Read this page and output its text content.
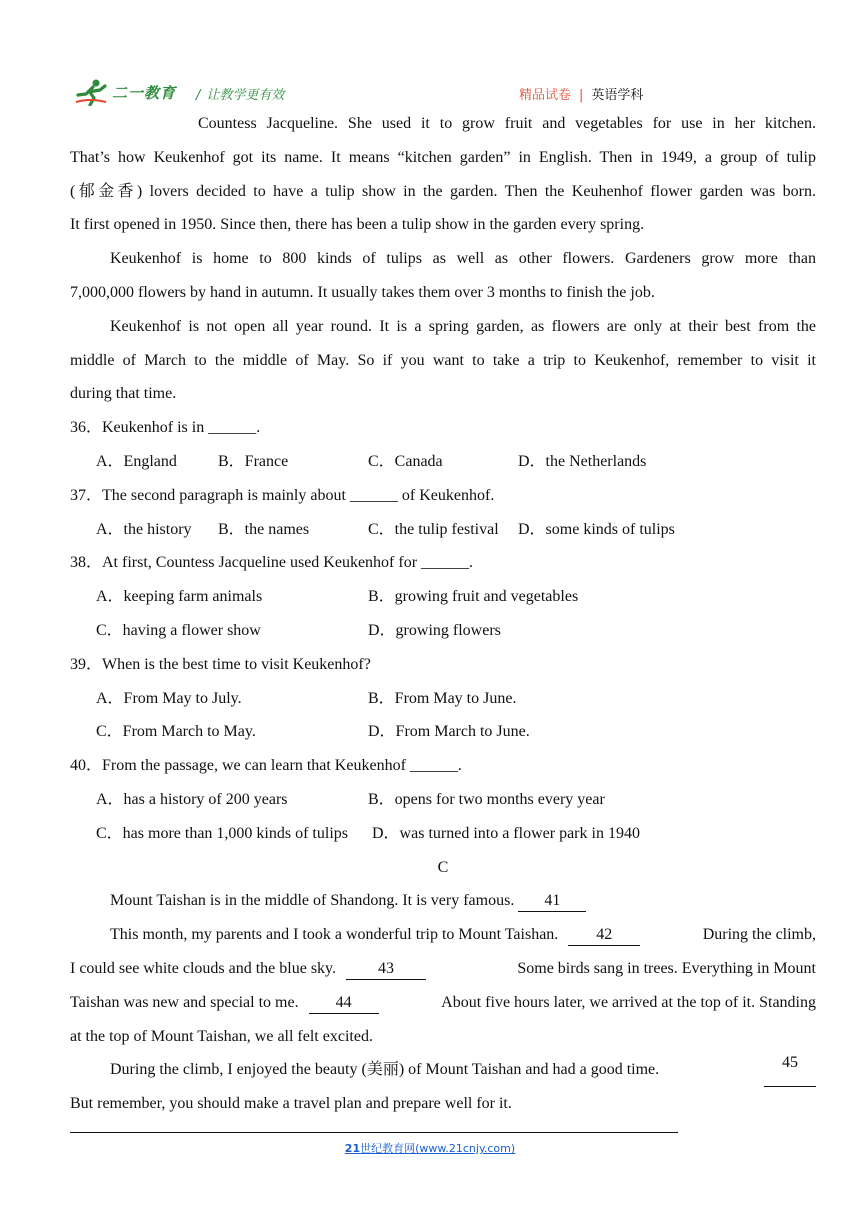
二一教育 / 让教学更有效	精品试卷 | 英语学科
Countess Jacqueline. She used it to grow fruit and vegetables for use in her kitchen.
That’s how Keukenhof got its name. It means “kitchen garden” in English. Then in 1949, a group of tulip
(郁金香) lovers decided to have a tulip show in the garden. Then the Keuhenhof flower garden was born.
It first opened in 1950. Since then, there has been a tulip show in the garden every spring.
Keukenhof is home to 800 kinds of tulips as well as other flowers. Gardeners grow more than
7,000,000 flowers by hand in autumn. It usually takes them over 3 months to finish the job.
Keukenhof is not open all year round. It is a spring garden, as flowers are only at their best from the
middle of March to the middle of May. So if you want to take a trip to Keukenhof, remember to visit it
during that time.
36．Keukenhof is in ______.
A．England	B．France	C．Canada	D．the Netherlands
37．The second paragraph is mainly about ______ of Keukenhof.
A．the history B．the names	C．the tulip festival D．some kinds of tulips
38．At first, Countess Jacqueline used Keukenhof for ______.
A．keeping farm animals	B．growing fruit and vegetables
C．having a flower show	D．growing flowers
39．When is the best time to visit Keukenhof?
A．From May to July.	B．From May to June.
C．From March to May.	D．From March to June.
40．From the passage, we can learn that Keukenhof ______.
A．has a history of 200 years	B．opens for two months every year
C．has more than 1,000 kinds of tulips D．was turned into a flower park in 1940
C
Mount Taishan is in the middle of Shandong. It is very famous. 41
This month, my parents and I took a wonderful trip to Mount Taishan. 42	During the climb,
I could see white clouds and the blue sky.	43	Some birds sang in trees. Everything in Mount
Taishan was new and special to me. 44	About five hours later, we arrived at the top of it. Standing
at the top of Mount Taishan, we all felt excited.
During the climb, I enjoyed the beauty (美丽) of Mount Taishan and had a good time.	45
But remember, you should make a travel plan and prepare well for it.
21世纪教育网(www.21cnjy.com)
